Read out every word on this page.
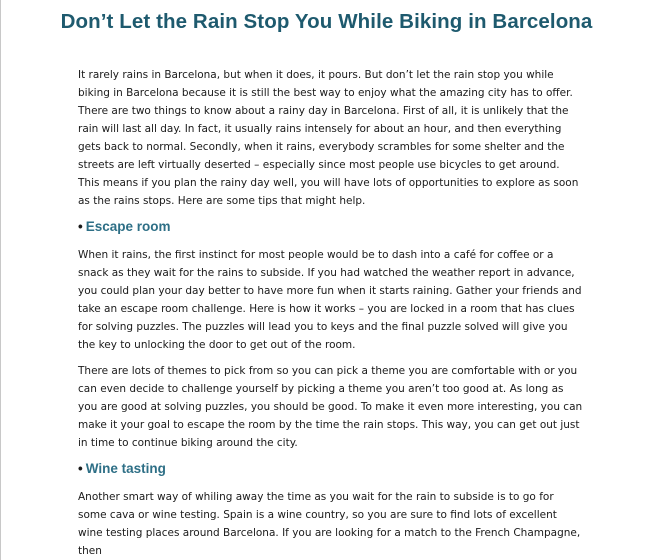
Don’t Let the Rain Stop You While Biking in Barcelona

It rarely rains in Barcelona, but when it does, it pours. But don’t let the rain stop you while biking in Barcelona because it is still the best way to enjoy what the amazing city has to offer. There are two things to know about a rainy day in Barcelona. First of all, it is unlikely that the rain will last all day. In fact, it usually rains intensely for about an hour, and then everything gets back to normal. Secondly, when it rains, everybody scrambles for some shelter and the streets are left virtually deserted – especially since most people use bicycles to get around. This means if you plan the rainy day well, you will have lots of opportunities to explore as soon as the rains stops. Here are some tips that might help.

• Escape room

When it rains, the first instinct for most people would be to dash into a café for coffee or a snack as they wait for the rains to subside. If you had watched the weather report in advance, you could plan your day better to have more fun when it starts raining. Gather your friends and take an escape room challenge. Here is how it works – you are locked in a room that has clues for solving puzzles. The puzzles will lead you to keys and the final puzzle solved will give you the key to unlocking the door to get out of the room.

There are lots of themes to pick from so you can pick a theme you are comfortable with or you can even decide to challenge yourself by picking a theme you aren’t too good at. As long as you are good at solving puzzles, you should be good. To make it even more interesting, you can make it your goal to escape the room by the time the rain stops. This way, you can get out just in time to continue biking around the city.

• Wine tasting

Another smart way of whiling away the time as you wait for the rain to subside is to go for some cava or wine testing. Spain is a wine country, so you are sure to find lots of excellent wine testing places around Barcelona. If you are looking for a match to the French Champagne, then
